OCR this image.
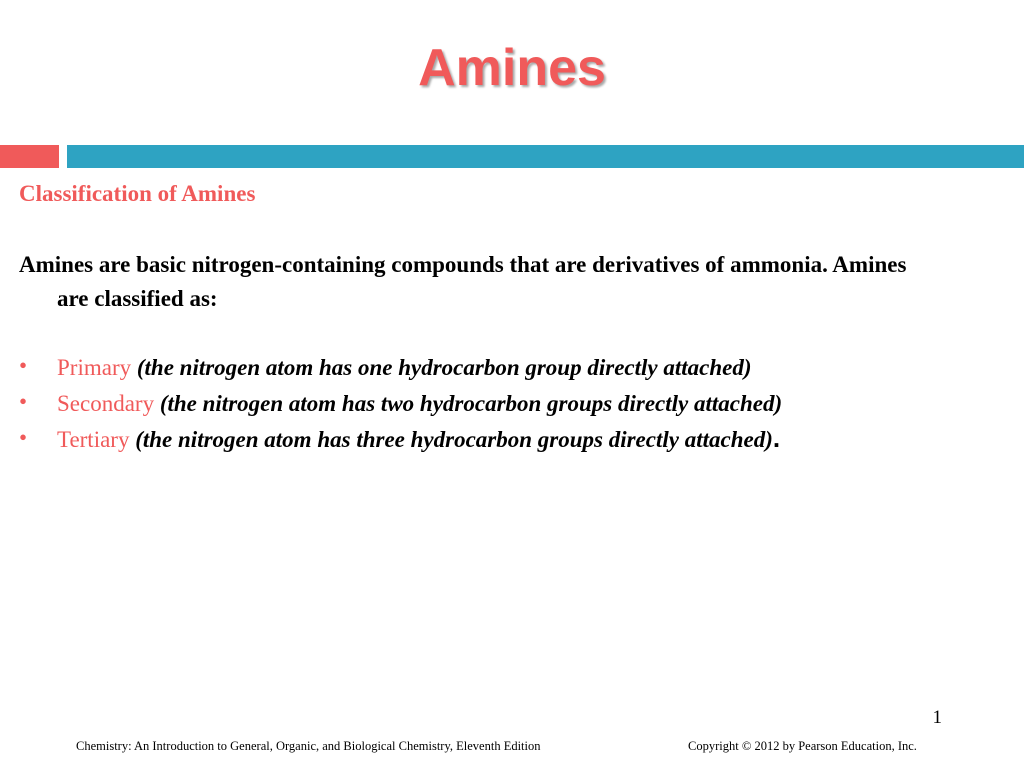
Amines
Classification of Amines
Amines are basic nitrogen-containing compounds that are derivatives of ammonia. Amines are classified as:
•	Primary (the nitrogen atom has one hydrocarbon group directly attached)
•	Secondary (the nitrogen atom has two hydrocarbon groups directly attached)
•	Tertiary (the nitrogen atom has three hydrocarbon groups directly attached).
1
Chemistry: An Introduction to General, Organic, and Biological Chemistry, Eleventh Edition	Copyright © 2012 by Pearson Education, Inc.
